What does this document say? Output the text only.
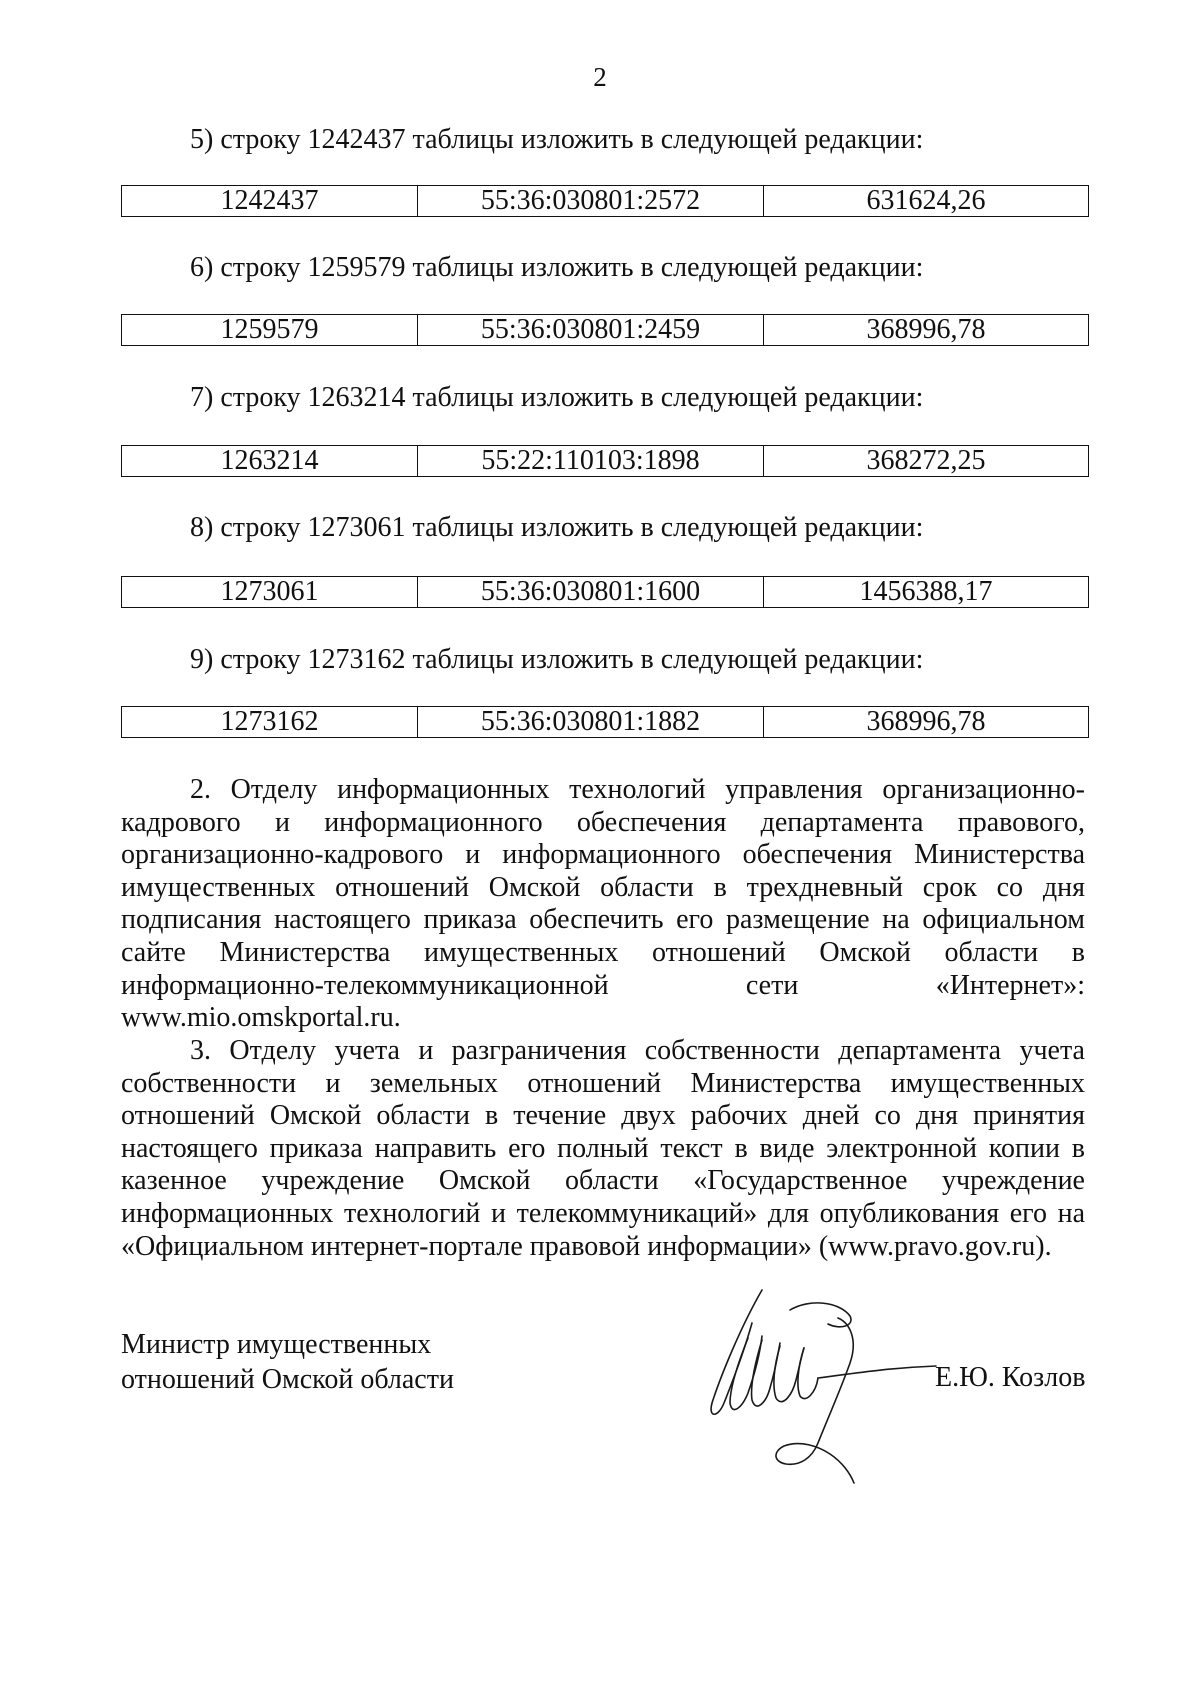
2
5) строку 1242437 таблицы изложить в следующей редакции:
1242437	55:36:030801:2572	631624,26
6) строку 1259579 таблицы изложить в следующей редакции:
1259579	55:36:030801:2459	368996,78
7) строку 1263214 таблицы изложить в следующей редакции:
1263214	55:22:110103:1898	368272,25
8) строку 1273061 таблицы изложить в следующей редакции:
1273061	55:36:030801:1600	1456388,17
9) строку 1273162 таблицы изложить в следующей редакции:
1273162	55:36:030801:1882	368996,78

2. Отделу информационных технологий управления организационно-кадрового и информационного обеспечения департамента правового, организационно-кадрового и информационного обеспечения Министерства имущественных отношений Омской области в трехдневный срок со дня подписания настоящего приказа обеспечить его размещение на официальном сайте Министерства имущественных отношений Омской области в информационно-телекоммуникационной сети «Интернет»: www.mio.omskportal.ru.

3. Отделу учета и разграничения собственности департамента учета собственности и земельных отношений Министерства имущественных отношений Омской области в течение двух рабочих дней со дня принятия настоящего приказа направить его полный текст в виде электронной копии в казенное учреждение Омской области «Государственное учреждение информационных технологий и телекоммуникаций» для опубликования его на «Официальном интернет-портале правовой информации» (www.pravo.gov.ru).

Министр имущественных
отношений Омской области	Е.Ю. Козлов
